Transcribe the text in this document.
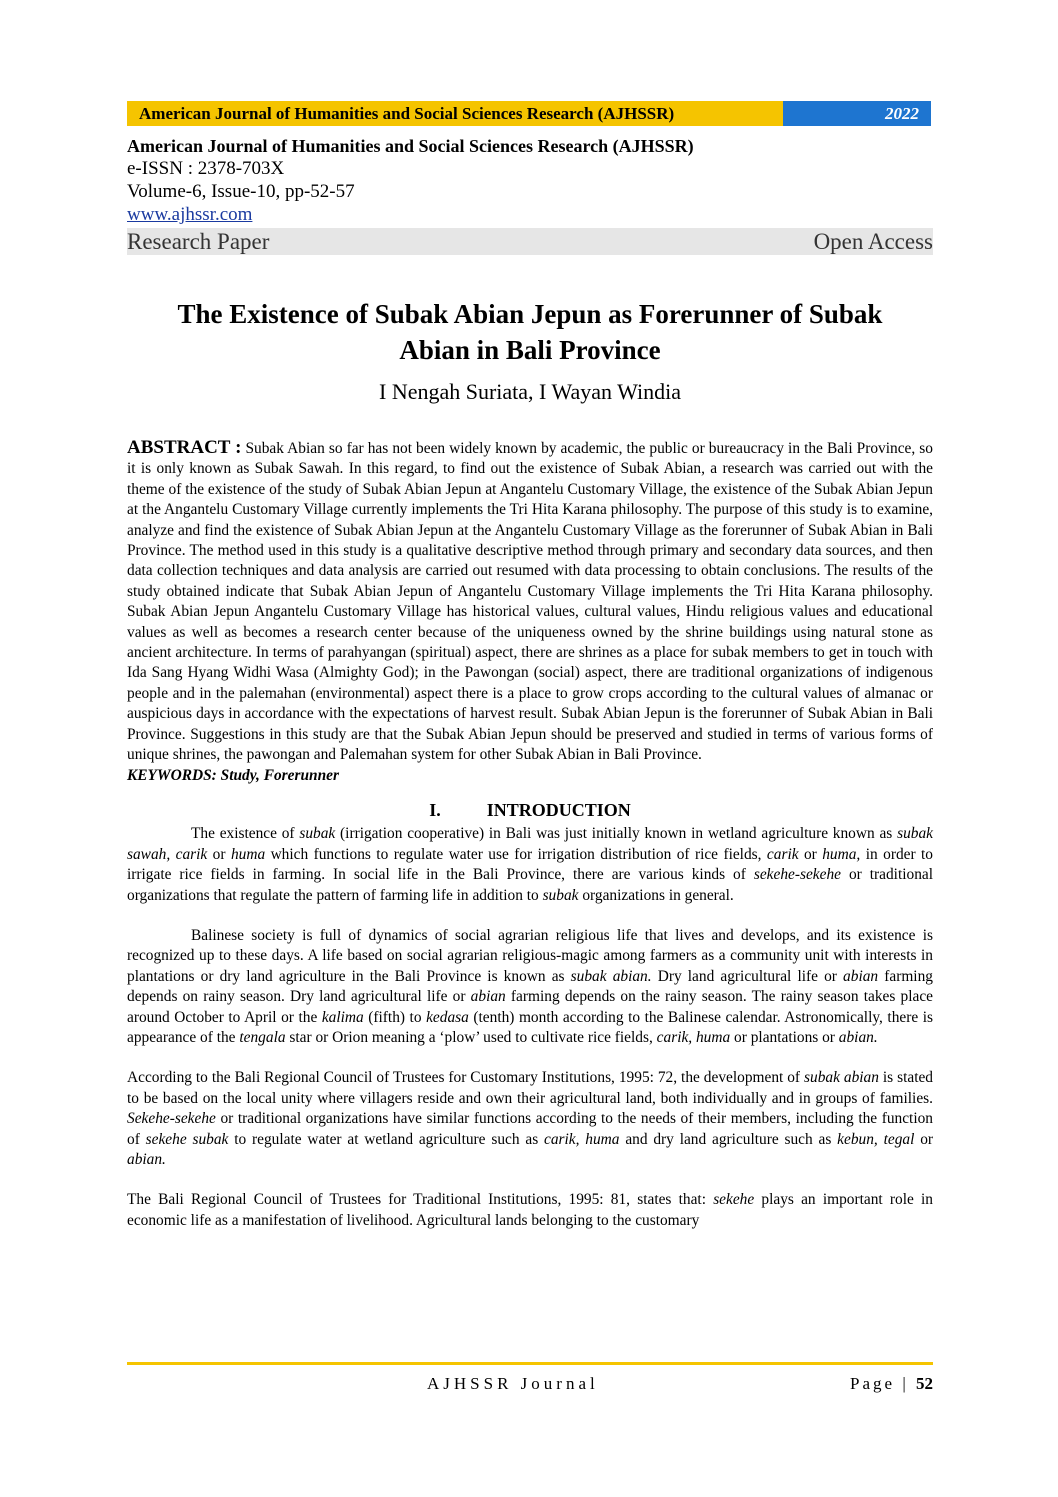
American Journal of Humanities and Social Sciences Research (AJHSSR)	2022
American Journal of Humanities and Social Sciences Research (AJHSSR)
e-ISSN : 2378-703X
Volume-6, Issue-10, pp-52-57
www.ajhssr.com
Research Paper	Open Access
The Existence of Subak Abian Jepun as Forerunner of Subak
Abian in Bali Province
I Nengah Suriata, I Wayan Windia

ABSTRACT : Subak Abian so far has not been widely known by academic, the public or bureaucracy in the Bali Province, so it is only known as Subak Sawah. In this regard, to find out the existence of Subak Abian, a research was carried out with the theme of the existence of the study of Subak Abian Jepun at Angantelu Customary Village, the existence of the Subak Abian Jepun at the Angantelu Customary Village currently implements the Tri Hita Karana philosophy. The purpose of this study is to examine, analyze and find the existence of Subak Abian Jepun at the Angantelu Customary Village as the forerunner of Subak Abian in Bali Province. The method used in this study is a qualitative descriptive method through primary and secondary data sources, and then data collection techniques and data analysis are carried out resumed with data processing to obtain conclusions. The results of the study obtained indicate that Subak Abian Jepun of Angantelu Customary Village implements the Tri Hita Karana philosophy. Subak Abian Jepun Angantelu Customary Village has historical values, cultural values, Hindu religious values and educational values as well as becomes a research center because of the uniqueness owned by the shrine buildings using natural stone as ancient architecture. In terms of parahyangan (spiritual) aspect, there are shrines as a place for subak members to get in touch with Ida Sang Hyang Widhi Wasa (Almighty God); in the Pawongan (social) aspect, there are traditional organizations of indigenous people and in the palemahan (environmental) aspect there is a place to grow crops according to the cultural values of almanac or auspicious days in accordance with the expectations of harvest result. Subak Abian Jepun is the forerunner of Subak Abian in Bali Province. Suggestions in this study are that the Subak Abian Jepun should be preserved and studied in terms of various forms of unique shrines, the pawongan and Palemahan system for other Subak Abian in Bali Province.

KEYWORDS: Study, Forerunner

I.	INTRODUCTION

The existence of subak (irrigation cooperative) in Bali was just initially known in wetland agriculture known as subak sawah, carik or huma which functions to regulate water use for irrigation distribution of rice fields, carik or huma, in order to irrigate rice fields in farming. In social life in the Bali Province, there are various kinds of sekehe-sekehe or traditional organizations that regulate the pattern of farming life in addition to subak organizations in general.

Balinese society is full of dynamics of social agrarian religious life that lives and develops, and its existence is recognized up to these days. A life based on social agrarian religious-magic among farmers as a community unit with interests in plantations or dry land agriculture in the Bali Province is known as subak abian. Dry land agricultural life or abian farming depends on rainy season. Dry land agricultural life or abian farming depends on the rainy season. The rainy season takes place around October to April or the kalima (fifth) to kedasa (tenth) month according to the Balinese calendar. Astronomically, there is appearance of the tengala star or Orion meaning a ‘plow’ used to cultivate rice fields, carik, huma or plantations or abian.

According to the Bali Regional Council of Trustees for Customary Institutions, 1995: 72, the development of subak abian is stated to be based on the local unity where villagers reside and own their agricultural land, both individually and in groups of families. Sekehe-sekehe or traditional organizations have similar functions according to the needs of their members, including the function of sekehe subak to regulate water at wetland agriculture such as carik, huma and dry land agriculture such as kebun, tegal or abian.

The Bali Regional Council of Trustees for Traditional Institutions, 1995: 81, states that: sekehe plays an important role in economic life as a manifestation of livelihood. Agricultural lands belonging to the customary

AJHSSR Journal	Page | 52
